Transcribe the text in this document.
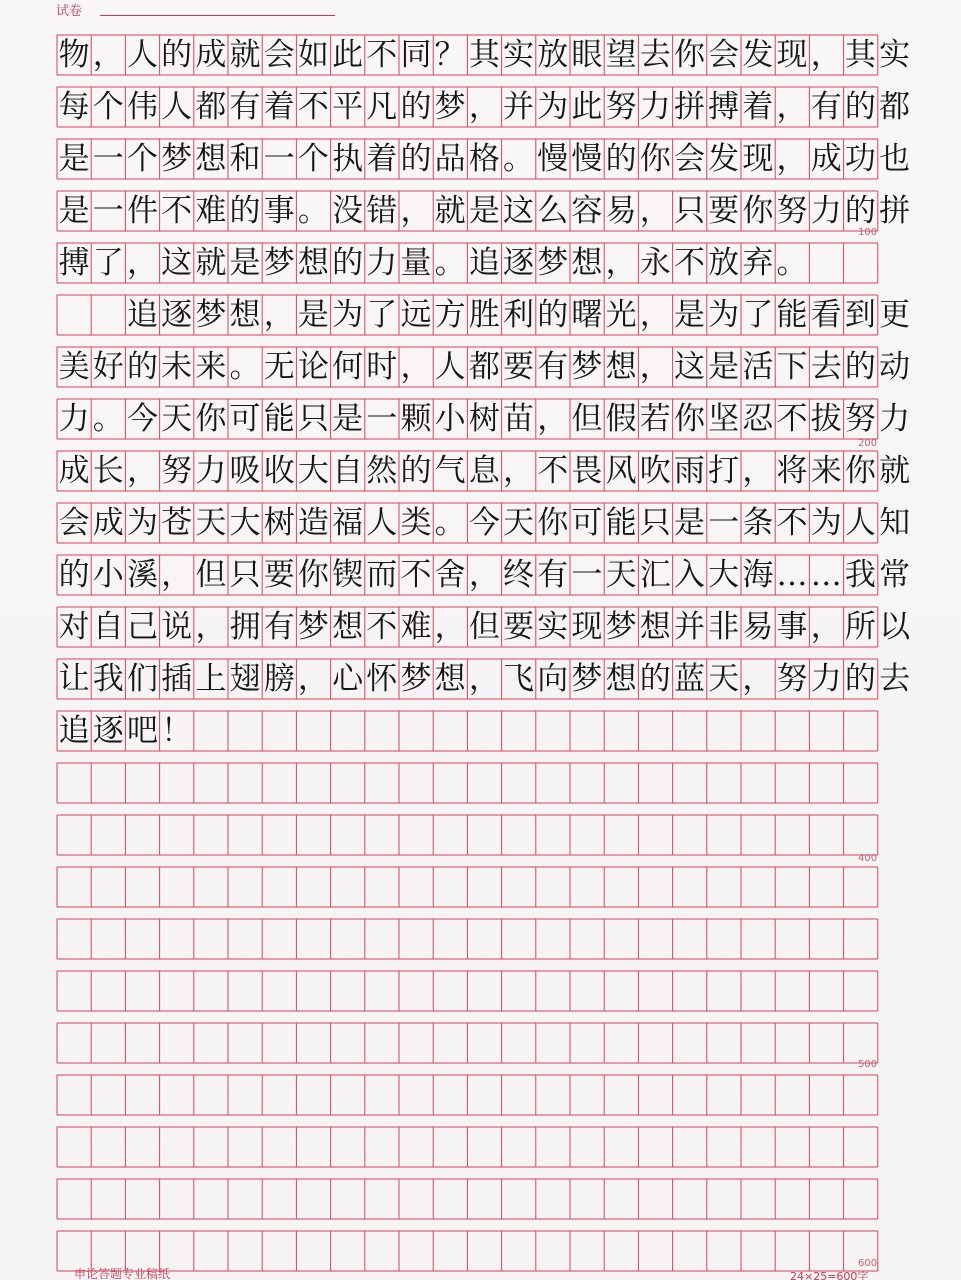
试卷
100
200
400
500
600
物 ， 人 的 成 就 会 如 此 不 同 ？ 其 实 放 眼 望 去 你 会 发 现 ， 其 实
每 个 伟 人 都 有 着 不 平 凡 的 梦 ， 并 为 此 努 力 拼 搏 着 ， 有 的 都
是 一 个 梦 想 和 一 个 执 着 的 品 格 。 慢 慢 的 你 会 发 现 ， 成 功 也
是 一 件 不 难 的 事 。 没 错 ， 就 是 这 么 容 易 ， 只 要 你 努 力 的 拼
搏 了 ， 这 就 是 梦 想 的 力 量 。 追 逐 梦 想 ， 永 不 放 弃 。

追 逐 梦 想 ， 是 为 了 远 方 胜 利 的 曙 光 ， 是 为 了 能 看 到 更
美 好 的 未 来 。 无 论 何 时 ， 人 都 要 有 梦 想 ， 这 是 活 下 去 的 动
力 。 今 天 你 可 能 只 是 一 颗 小 树 苗 ， 但 假 若 你 坚 忍 不 拔 努 力
成 长 ， 努 力 吸 收 大 自 然 的 气 息 ， 不 畏 风 吹 雨 打 ， 将 来 你 就
会 成 为 苍 天 大 树 造 福 人 类 。 今 天 你 可 能 只 是 一 条 不 为 人 知
的 小 溪 ， 但 只 要 你 锲 而 不 舍 ， 终 有 一 天 汇 入 大 海 … … 我 常
对 自 己 说 ， 拥 有 梦 想 不 难 ， 但 要 实 现 梦 想 并 非 易 事 ， 所 以
让 我 们 插 上 翅 膀 ， 心 怀 梦 想 ， 飞 向 梦 想 的 蓝 天 ， 努 力 的 去
追 逐 吧 ！
申论答题专业稿纸	24×25=600字
